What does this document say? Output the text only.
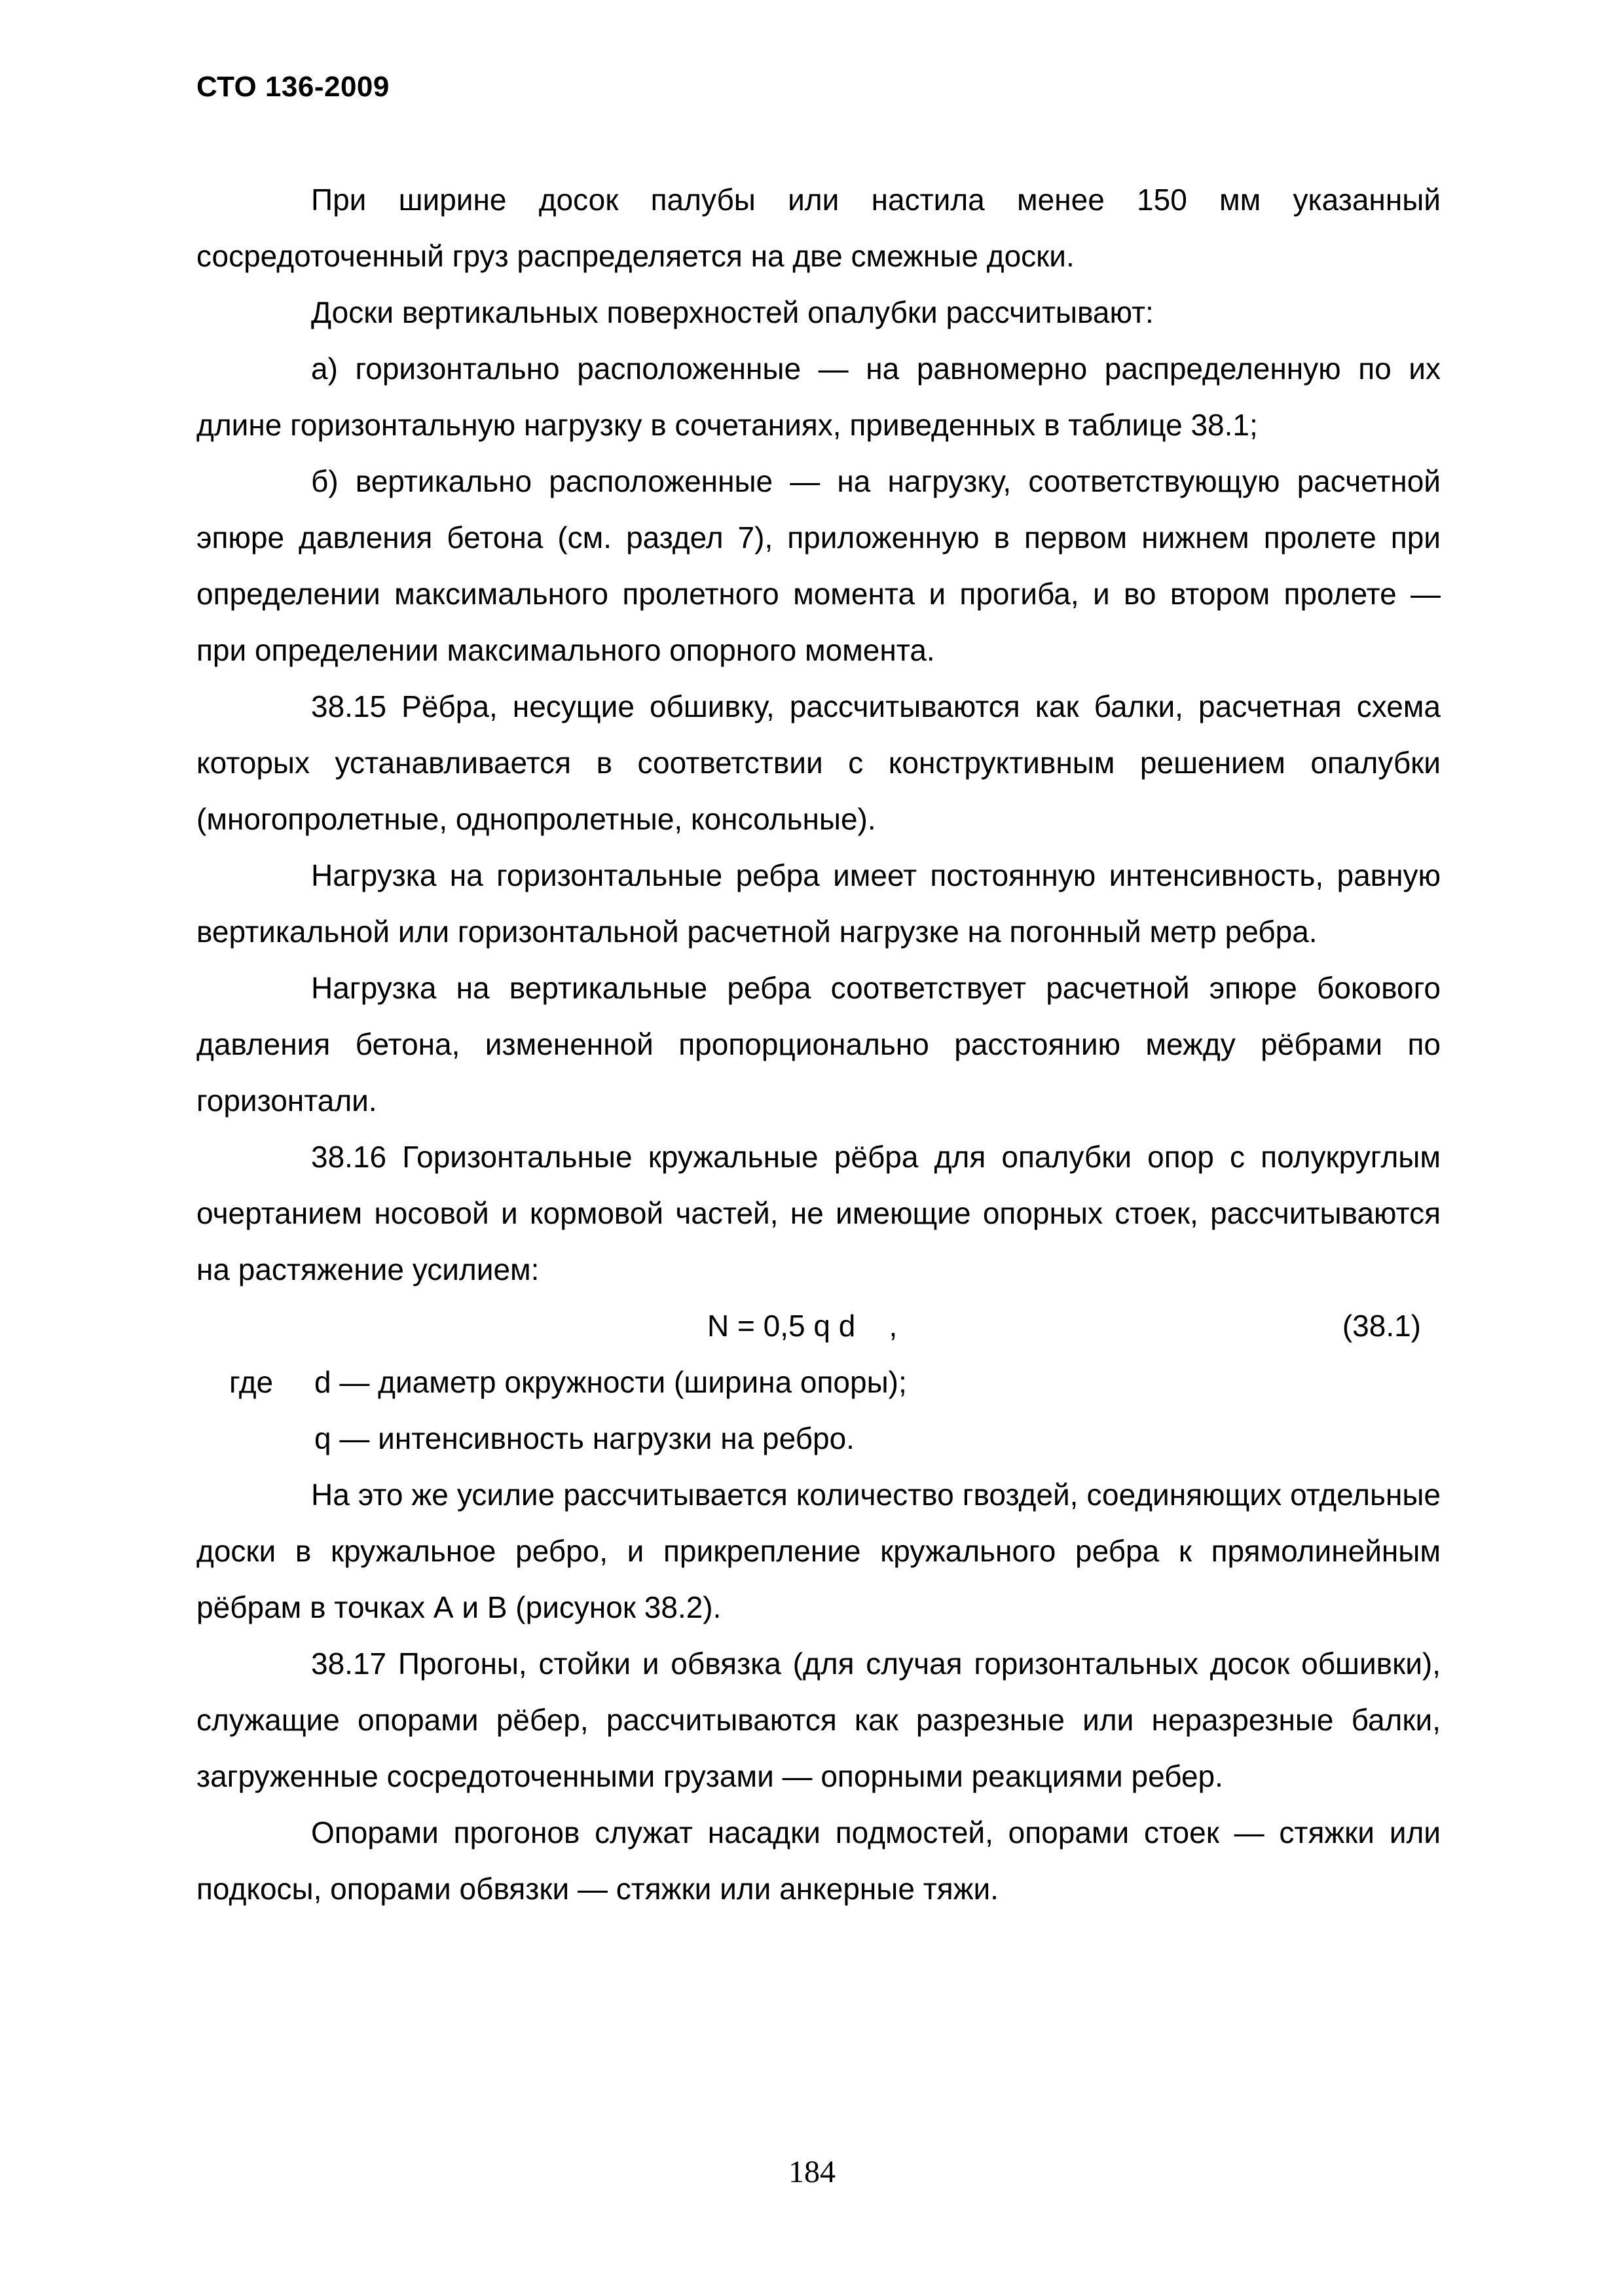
СТО 136-2009

При ширине досок палубы или настила менее 150 мм указанный сосредоточенный груз распределяется на две смежные доски.

Доски вертикальных поверхностей опалубки рассчитывают:

а) горизонтально расположенные — на равномерно распределенную по их длине горизонтальную нагрузку в сочетаниях, приведенных в таблице 38.1;

б) вертикально расположенные — на нагрузку, соответствующую расчетной эпюре давления бетона (см. раздел 7), приложенную в первом нижнем пролете при определении максимального пролетного момента и прогиба, и во втором пролете — при определении максимального опорного момента.

38.15 Рёбра, несущие обшивку, рассчитываются как балки, расчетная схема которых устанавливается в соответствии с конструктивным решением опалубки (многопролетные, однопролетные, консольные).

Нагрузка на горизонтальные ребра имеет постоянную интенсивность, равную вертикальной или горизонтальной расчетной нагрузке на погонный метр ребра.

Нагрузка на вертикальные ребра соответствует расчетной эпюре бокового давления бетона, измененной пропорционально расстоянию между рёбрами по горизонтали.

38.16 Горизонтальные кружальные рёбра для опалубки опор с полукруглым очертанием носовой и кормовой частей, не имеющие опорных стоек, рассчитываются на растяжение усилием:

N = 0,5 q d    ,	(38.1)
где d — диаметр окружности (ширина опоры);
q — интенсивность нагрузки на ребро.

На это же усилие рассчитывается количество гвоздей, соединяющих отдельные доски в кружальное ребро, и прикрепление кружального ребра к прямолинейным рёбрам в точках А и В (рисунок 38.2).

38.17 Прогоны, стойки и обвязка (для случая горизонтальных досок обшивки), служащие опорами рёбер, рассчитываются как разрезные или неразрезные балки, загруженные сосредоточенными грузами — опорными реакциями ребер.

Опорами прогонов служат насадки подмостей, опорами стоек — стяжки или подкосы, опорами обвязки — стяжки или анкерные тяжи.

184
